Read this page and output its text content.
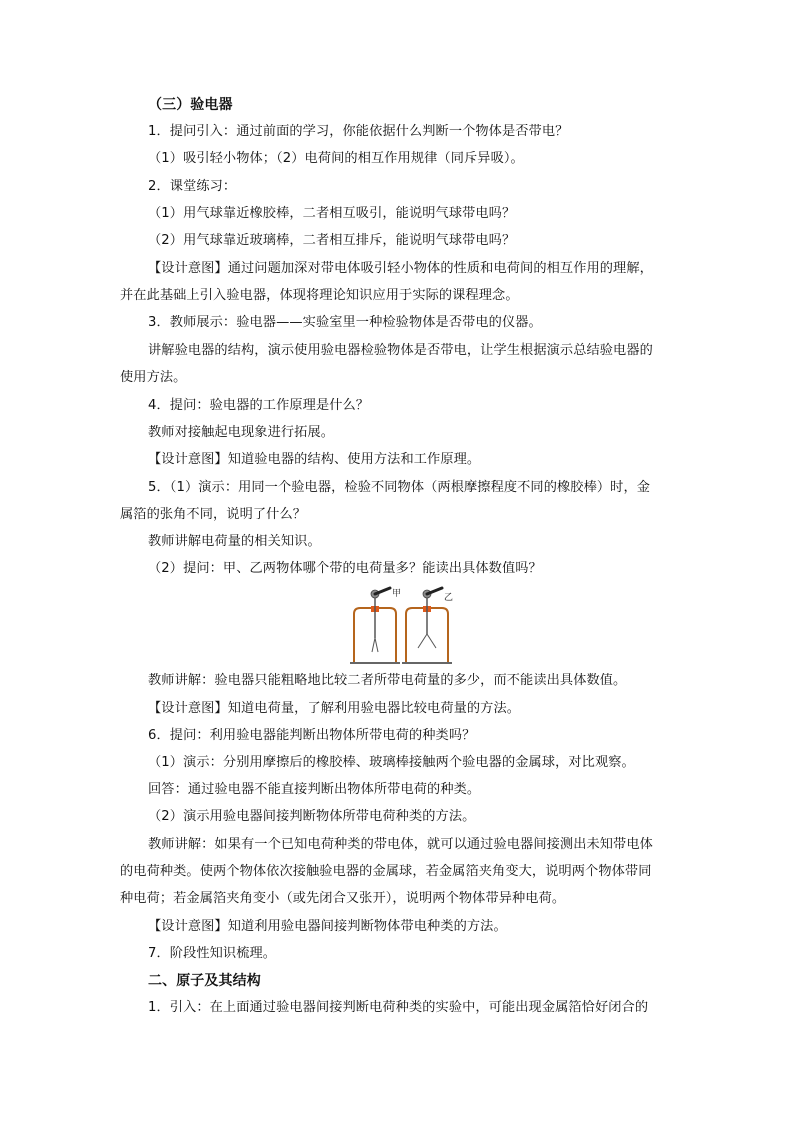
（三）验电器
1．提问引入：通过前面的学习，你能依据什么判断一个物体是否带电？
（1）吸引轻小物体；（2）电荷间的相互作用规律（同斥异吸）。
2．课堂练习：
（1）用气球靠近橡胶棒，二者相互吸引，能说明气球带电吗？
（2）用气球靠近玻璃棒，二者相互排斥，能说明气球带电吗？
【设计意图】通过问题加深对带电体吸引轻小物体的性质和电荷间的相互作用的理解，
并在此基础上引入验电器，体现将理论知识应用于实际的课程理念。
3．教师展示：验电器——实验室里一种检验物体是否带电的仪器。
讲解验电器的结构，演示使用验电器检验物体是否带电，让学生根据演示总结验电器的
使用方法。
4．提问：验电器的工作原理是什么？
教师对接触起电现象进行拓展。
【设计意图】知道验电器的结构、使用方法和工作原理。
5．（1）演示：用同一个验电器，检验不同物体（两根摩擦程度不同的橡胶棒）时，金
属箔的张角不同，说明了什么？
教师讲解电荷量的相关知识。
（2）提问：甲、乙两物体哪个带的电荷量多？能读出具体数值吗？
甲	乙
教师讲解：验电器只能粗略地比较二者所带电荷量的多少，而不能读出具体数值。
【设计意图】知道电荷量，了解利用验电器比较电荷量的方法。
6．提问：利用验电器能判断出物体所带电荷的种类吗？
（1）演示：分别用摩擦后的橡胶棒、玻璃棒接触两个验电器的金属球，对比观察。
回答：通过验电器不能直接判断出物体所带电荷的种类。
（2）演示用验电器间接判断物体所带电荷种类的方法。
教师讲解：如果有一个已知电荷种类的带电体，就可以通过验电器间接测出未知带电体
的电荷种类。使两个物体依次接触验电器的金属球，若金属箔夹角变大，说明两个物体带同
种电荷；若金属箔夹角变小（或先闭合又张开），说明两个物体带异种电荷。
【设计意图】知道利用验电器间接判断物体带电种类的方法。
7．阶段性知识梳理。
二、原子及其结构
1．引入：在上面通过验电器间接判断电荷种类的实验中，可能出现金属箔恰好闭合的
